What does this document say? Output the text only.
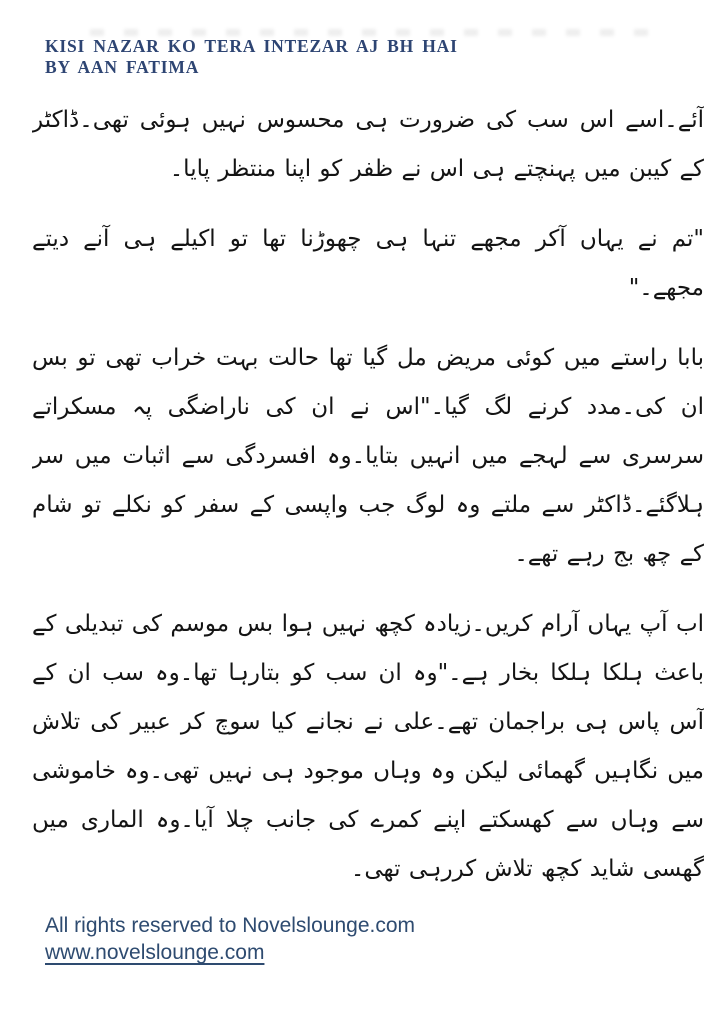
KISI NAZAR KO TERA INTEZAR AJ BH HAI
BY AAN FATIMA

آئے۔اسے اس سب کی ضرورت ہی محسوس نہیں ہوئی تھی۔ڈاکٹر کے کیبن میں پہنچتے ہی اس نے ظفر کو اپنا منتظر پایا۔

"تم نے یہاں آکر مجھے تنہا ہی چھوڑنا تھا تو اکیلے ہی آنے دیتے مجھے۔"

بابا راستے میں کوئی مریض مل گیا تھا حالت بہت خراب تھی تو بس ان کی۔مدد کرنے لگ گیا۔"اس نے ان کی ناراضگی پہ مسکراتے سرسری سے لہجے میں انہیں بتایا۔وہ افسردگی سے اثبات میں سر ہلاگئے۔ڈاکٹر سے ملتے وہ لوگ جب واپسی کے سفر کو نکلے تو شام کے چھ بج رہے تھے۔

اب آپ یہاں آرام کریں۔زیادہ کچھ نہیں ہوا بس موسم کی تبدیلی کے باعث ہلکا ہلکا بخار ہے۔"وہ ان سب کو بتارہا تھا۔وہ سب ان کے آس پاس ہی براجمان تھے۔علی نے نجانے کیا سوچ کر عبیر کی تلاش میں نگاہیں گھمائی لیکن وہ وہاں موجود ہی نہیں تھی۔وہ خاموشی سے وہاں سے کھسکتے اپنے کمرے کی جانب چلا آیا۔وہ الماری میں گھسی شاید کچھ تلاش کررہی تھی۔

All rights reserved to Novelslounge.com
www.novelslounge.com
